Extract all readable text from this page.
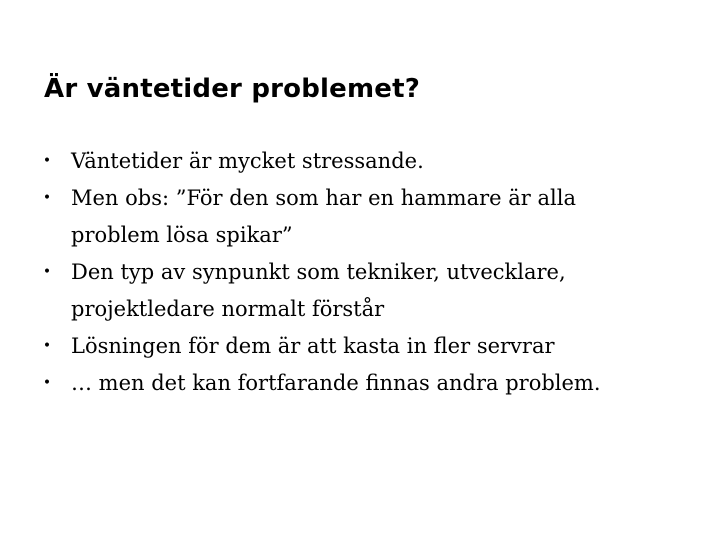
Är väntetider problemet?
• Väntetider är mycket stressande.
• Men obs: ”För den som har en hammare är alla
problem lösa spikar”
• Den typ av synpunkt som tekniker, utvecklare,
projektledare normalt förstår
• Lösningen för dem är att kasta in fler servrar
• … men det kan fortfarande finnas andra problem.
